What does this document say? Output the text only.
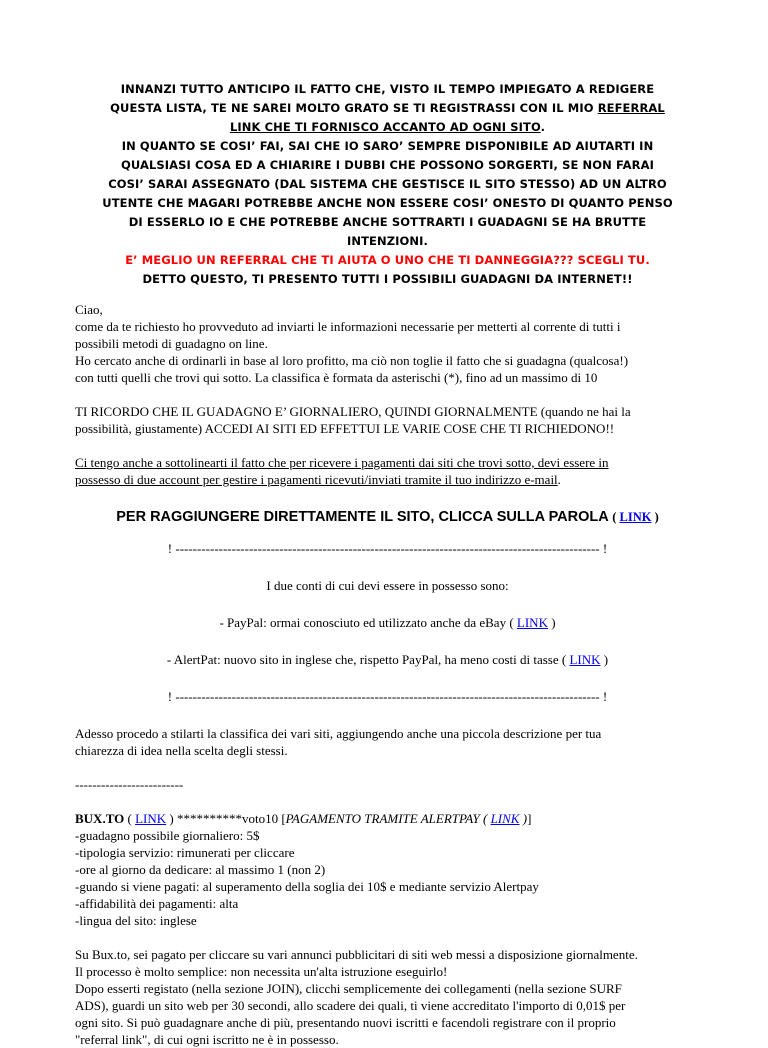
INNANZI TUTTO ANTICIPO IL FATTO CHE, VISTO IL TEMPO IMPIEGATO A REDIGERE
QUESTA LISTA, TE NE SAREI MOLTO GRATO SE TI REGISTRASSI CON IL MIO REFERRAL
LINK CHE TI FORNISCO ACCANTO AD OGNI SITO.
IN QUANTO SE COSI’ FAI, SAI CHE IO SARO’ SEMPRE DISPONIBILE AD AIUTARTI IN
QUALSIASI COSA ED A CHIARIRE I DUBBI CHE POSSONO SORGERTI, SE NON FARAI
COSI’ SARAI ASSEGNATO (DAL SISTEMA CHE GESTISCE IL SITO STESSO) AD UN ALTRO
UTENTE CHE MAGARI POTREBBE ANCHE NON ESSERE COSI’ ONESTO DI QUANTO PENSO
DI ESSERLO IO E CHE POTREBBE ANCHE SOTTRARTI I GUADAGNI SE HA BRUTTE
INTENZIONI.
E’ MEGLIO UN REFERRAL CHE TI AIUTA O UNO CHE TI DANNEGGIA??? SCEGLI TU.
DETTO QUESTO, TI PRESENTO TUTTI I POSSIBILI GUADAGNI DA INTERNET!!
Ciao,
come da te richiesto ho provveduto ad inviarti le informazioni necessarie per metterti al corrente di tutti i
possibili metodi di guadagno on line.
Ho cercato anche di ordinarli in base al loro profitto, ma ciò non toglie il fatto che si guadagna (qualcosa!)
con tutti quelli che trovi qui sotto. La classifica è formata da asterischi (*), fino ad un massimo di 10
TI RICORDO CHE IL GUADAGNO E’ GIORNALIERO, QUINDI GIORNALMENTE (quando ne hai la
possibilità, giustamente) ACCEDI AI SITI ED EFFETTUI LE VARIE COSE CHE TI RICHIEDONO!!
Ci tengo anche a sottolinearti il fatto che per ricevere i pagamenti dai siti che trovi sotto, devi essere in
possesso di due account per gestire i pagamenti ricevuti/inviati tramite il tuo indirizzo e-mail.
PER RAGGIUNGERE DIRETTAMENTE IL SITO, CLICCA SULLA PAROLA ( LINK )
! -------------------------------------------------------------------------------------------------- !
I due conti di cui devi essere in possesso sono:
- PayPal: ormai conosciuto ed utilizzato anche da eBay ( LINK )
- AlertPat: nuovo sito in inglese che, rispetto PayPal, ha meno costi di tasse ( LINK )
! -------------------------------------------------------------------------------------------------- !
Adesso procedo a stilarti la classifica dei vari siti, aggiungendo anche una piccola descrizione per tua
chiarezza di idea nella scelta degli stessi.
-------------------------
BUX.TO ( LINK ) **********voto10 [PAGAMENTO TRAMITE ALERTPAY ( LINK )]
-guadagno possibile giornaliero: 5$
-tipologia servizio: rimunerati per cliccare
-ore al giorno da dedicare: al massimo 1 (non 2)
-guando si viene pagati: al superamento della soglia dei 10$ e mediante servizio Alertpay
-affidabilità dei pagamenti: alta
-lingua del sito: inglese
Su Bux.to, sei pagato per cliccare su vari annunci pubblicitari di siti web messi a disposizione giornalmente.
Il processo è molto semplice: non necessita un'alta istruzione eseguirlo!
Dopo esserti registato (nella sezione JOIN), clicchi semplicemente dei collegamenti (nella sezione SURF
ADS), guardi un sito web per 30 secondi, allo scadere dei quali, ti viene accreditato l'importo di 0,01$ per
ogni sito. Si può guadagnare anche di più, presentando nuovi iscritti e facendoli registrare con il proprio
"referral link", di cui ogni iscritto ne è in possesso.
